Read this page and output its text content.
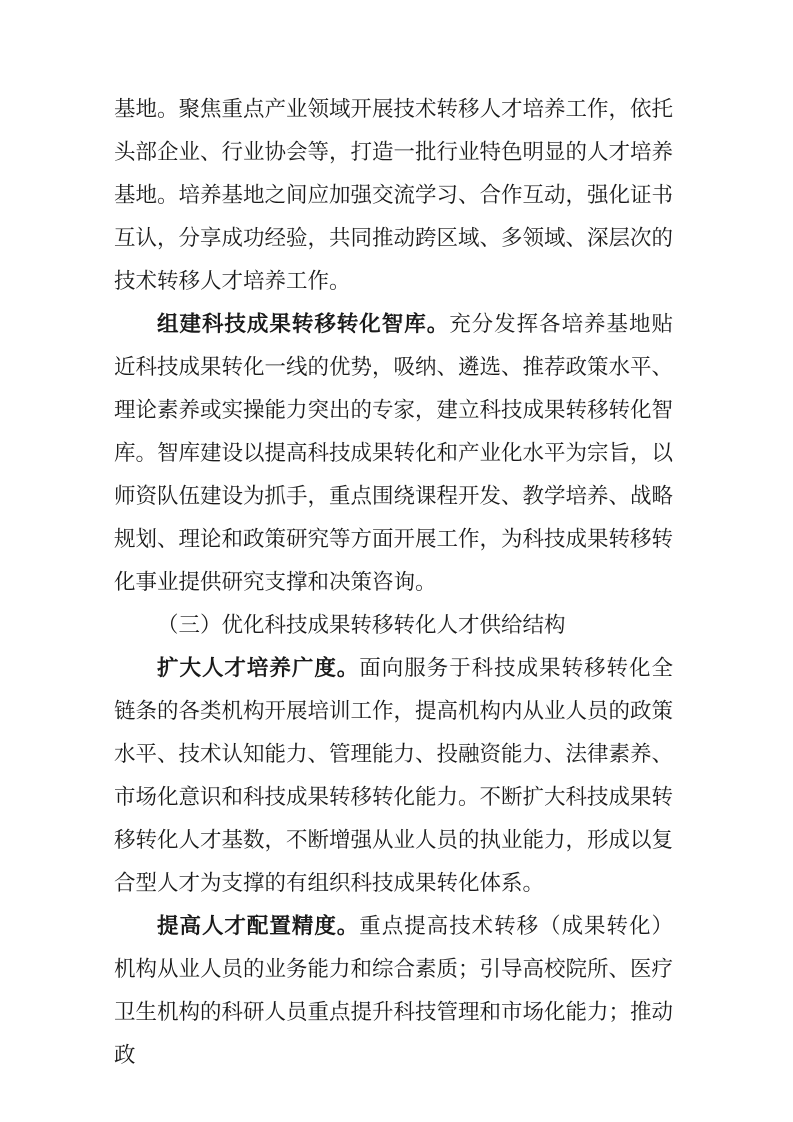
基地。聚焦重点产业领域开展技术转移人才培养工作，依托头部企业、行业协会等，打造一批行业特色明显的人才培养基地。培养基地之间应加强交流学习、合作互动，强化证书互认，分享成功经验，共同推动跨区域、多领域、深层次的技术转移人才培养工作。

组建科技成果转移转化智库。充分发挥各培养基地贴近科技成果转化一线的优势，吸纳、遴选、推荐政策水平、理论素养或实操能力突出的专家，建立科技成果转移转化智库。智库建设以提高科技成果转化和产业化水平为宗旨，以师资队伍建设为抓手，重点围绕课程开发、教学培养、战略规划、理论和政策研究等方面开展工作，为科技成果转移转化事业提供研究支撑和决策咨询。

（三）优化科技成果转移转化人才供给结构

扩大人才培养广度。面向服务于科技成果转移转化全链条的各类机构开展培训工作，提高机构内从业人员的政策水平、技术认知能力、管理能力、投融资能力、法律素养、市场化意识和科技成果转移转化能力。不断扩大科技成果转移转化人才基数，不断增强从业人员的执业能力，形成以复合型人才为支撑的有组织科技成果转化体系。

提高人才配置精度。重点提高技术转移（成果转化）机构从业人员的业务能力和综合素质；引导高校院所、医疗卫生机构的科研人员重点提升科技管理和市场化能力；推动政
